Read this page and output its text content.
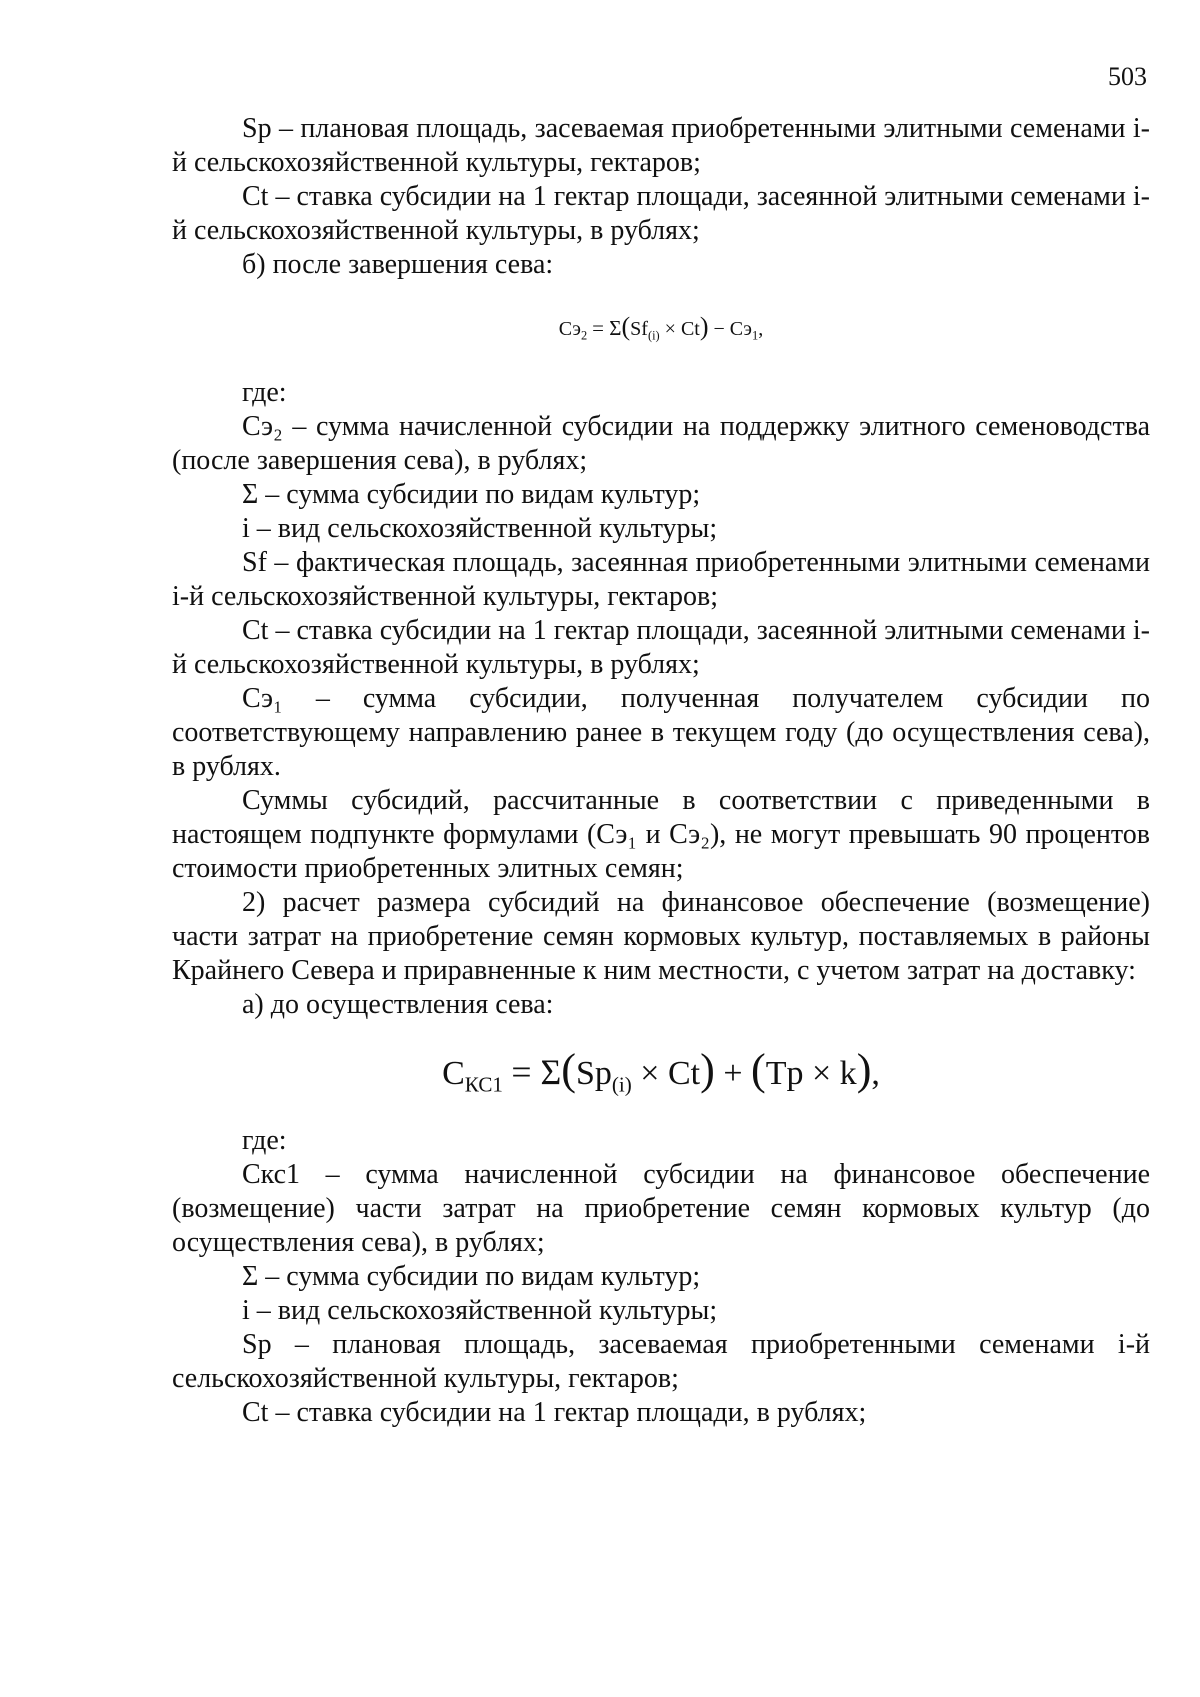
503

Sp – плановая площадь, засеваемая приобретенными элитными семенами i-й сельскохозяйственной культуры, гектаров;

Ct – ставка субсидии на 1 гектар площади, засеянной элитными семенами i-й сельскохозяйственной культуры, в рублях;

б) после завершения сева:

$Сэ_2 = \Sigma(Sf_{(i)} \times Ct) - Сэ_1$,

где:

Сэ₂ – сумма начисленной субсидии на поддержку элитного семеноводства (после завершения сева), в рублях;

Σ – сумма субсидии по видам культур;

i – вид сельскохозяйственной культуры;

Sf – фактическая площадь, засеянная приобретенными элитными семенами i-й сельскохозяйственной культуры, гектаров;

Ct – ставка субсидии на 1 гектар площади, засеянной элитными семенами i-й сельскохозяйственной культуры, в рублях;

Сэ₁ – сумма субсидии, полученная получателем субсидии по соответствующему направлению ранее в текущем году (до осуществления сева), в рублях.

Суммы субсидий, рассчитанные в соответствии с приведенными в настоящем подпункте формулами (Сэ₁ и Сэ₂), не могут превышать 90 процентов стоимости приобретенных элитных семян;

2) расчет размера субсидий на финансовое обеспечение (возмещение) части затрат на приобретение семян кормовых культур, поставляемых в районы Крайнего Севера и приравненные к ним местности, с учетом затрат на доставку:

а) до осуществления сева:

$С_{КС1} = \Sigma(Sp_{(i)} \times Ct) + (Tp \times k)$,

где:

Скс1 – сумма начисленной субсидии на финансовое обеспечение (возмещение) части затрат на приобретение семян кормовых культур (до осуществления сева), в рублях;

Σ – сумма субсидии по видам культур;

i – вид сельскохозяйственной культуры;

Sp – плановая площадь, засеваемая приобретенными семенами i-й сельскохозяйственной культуры, гектаров;

Ct – ставка субсидии на 1 гектар площади, в рублях;
